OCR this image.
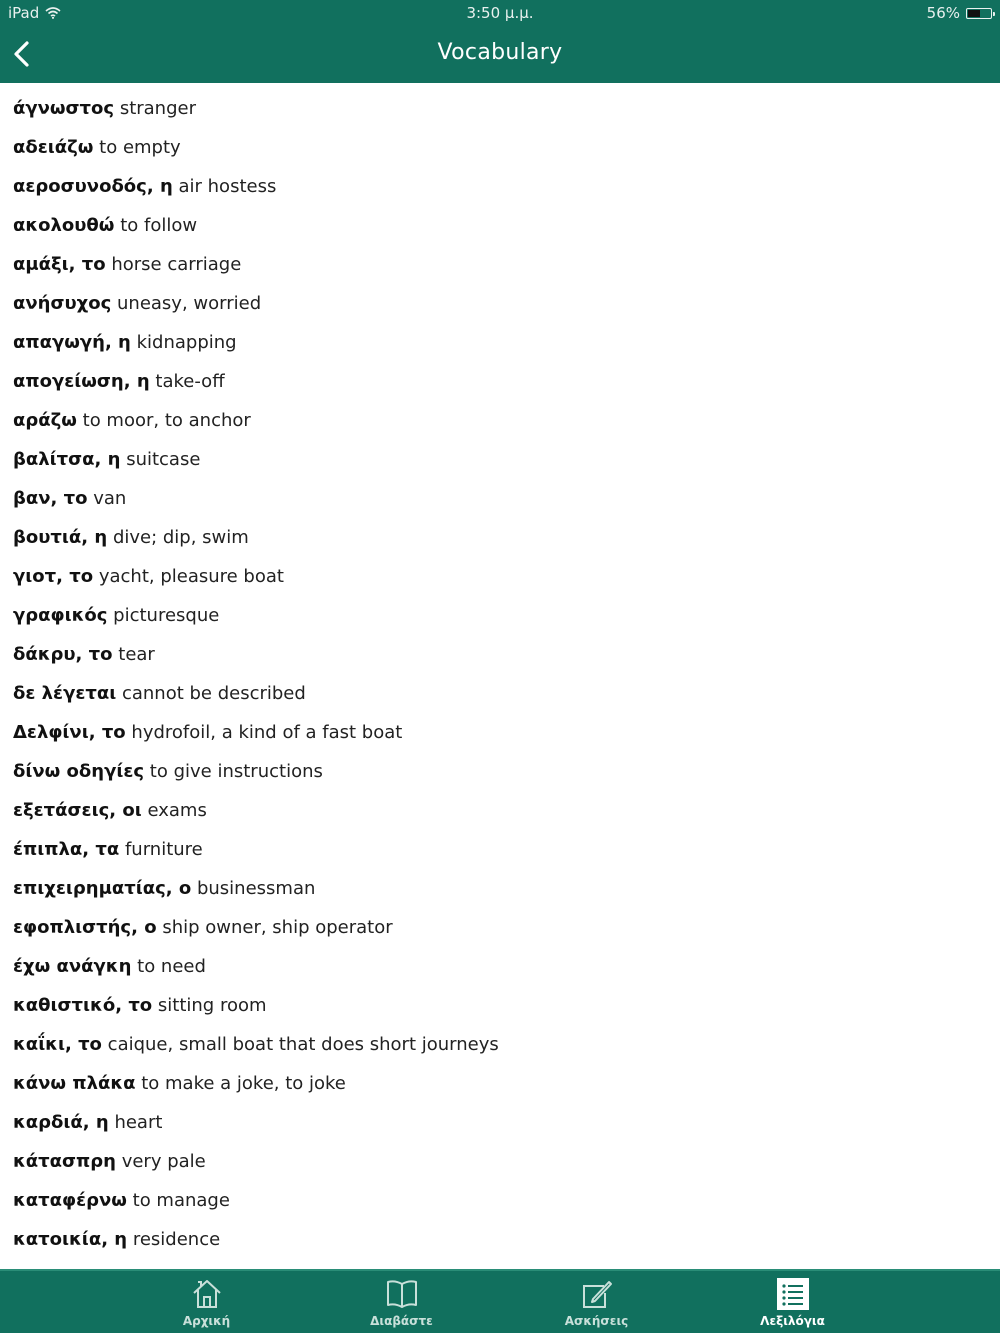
iPad	3:50 μ.μ.	56%
Vocabulary
άγνωστος stranger
αδειάζω to empty
αεροσυνοδός, η air hostess
ακολουθώ to follow
αμάξι, το horse carriage
ανήσυχος uneasy, worried
απαγωγή, η kidnapping
απογείωση, η take-off
αράζω to moor, to anchor
βαλίτσα, η suitcase
βαν, το van
βουτιά, η dive; dip, swim
γιοτ, το yacht, pleasure boat
γραφικός picturesque
δάκρυ, το tear
δε λέγεται cannot be described
Δελφίνι, το hydrofoil, a kind of a fast boat
δίνω οδηγίες to give instructions
εξετάσεις, οι exams
έπιπλα, τα furniture
επιχειρηματίας, ο businessman
εφοπλιστής, ο ship owner, ship operator
έχω ανάγκη to need
καθιστικό, το sitting room
καΐκι, το caique, small boat that does short journeys
κάνω πλάκα to make a joke, to joke
καρδιά, η heart
κάτασπρη very pale
καταφέρνω to manage
κατοικία, η residence
Αρχική	Διαβάστε	Ασκήσεις	Λεξιλόγια
